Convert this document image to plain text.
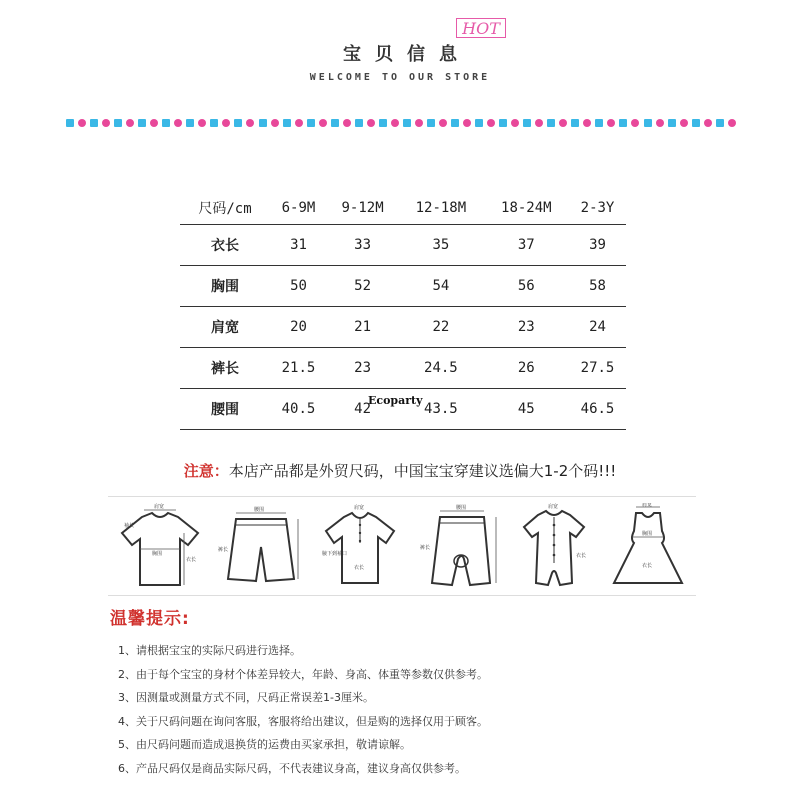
HOT
宝贝信息
WELCOME TO OUR STORE
尺码/cm	6-9M	9-12M	12-18M	18-24M	2-3Y
衣长	31	33	35	37	39
胸围	50	52	54	56	58
肩宽	20	21	22	23	24
裤长	21.5	23	24.5	26	27.5
腰围	40.5	42	43.5	45	46.5
Ecoparty
注意：本店产品都是外贸尺码，中国宝宝穿建议选偏大1-2个码!!!
肩宽
袖长
衣长
胸围
腰围
裤长
肩宽
腋下到袖口
衣长
腰围
裤长
肩宽
衣长
肩宽
胸围
衣长
温馨提示:
1、请根据宝宝的实际尺码进行选择。
2、由于每个宝宝的身材个体差异较大，年龄、身高、体重等参数仅供参考。
3、因测量或测量方式不同，尺码正常误差1-3厘米。
4、关于尺码问题在询问客服，客服将给出建议，但是购的选择仅用于顾客。
5、由尺码问题而造成退换货的运费由买家承担，敬请谅解。
6、产品尺码仅是商品实际尺码，不代表建议身高，建议身高仅供参考。
